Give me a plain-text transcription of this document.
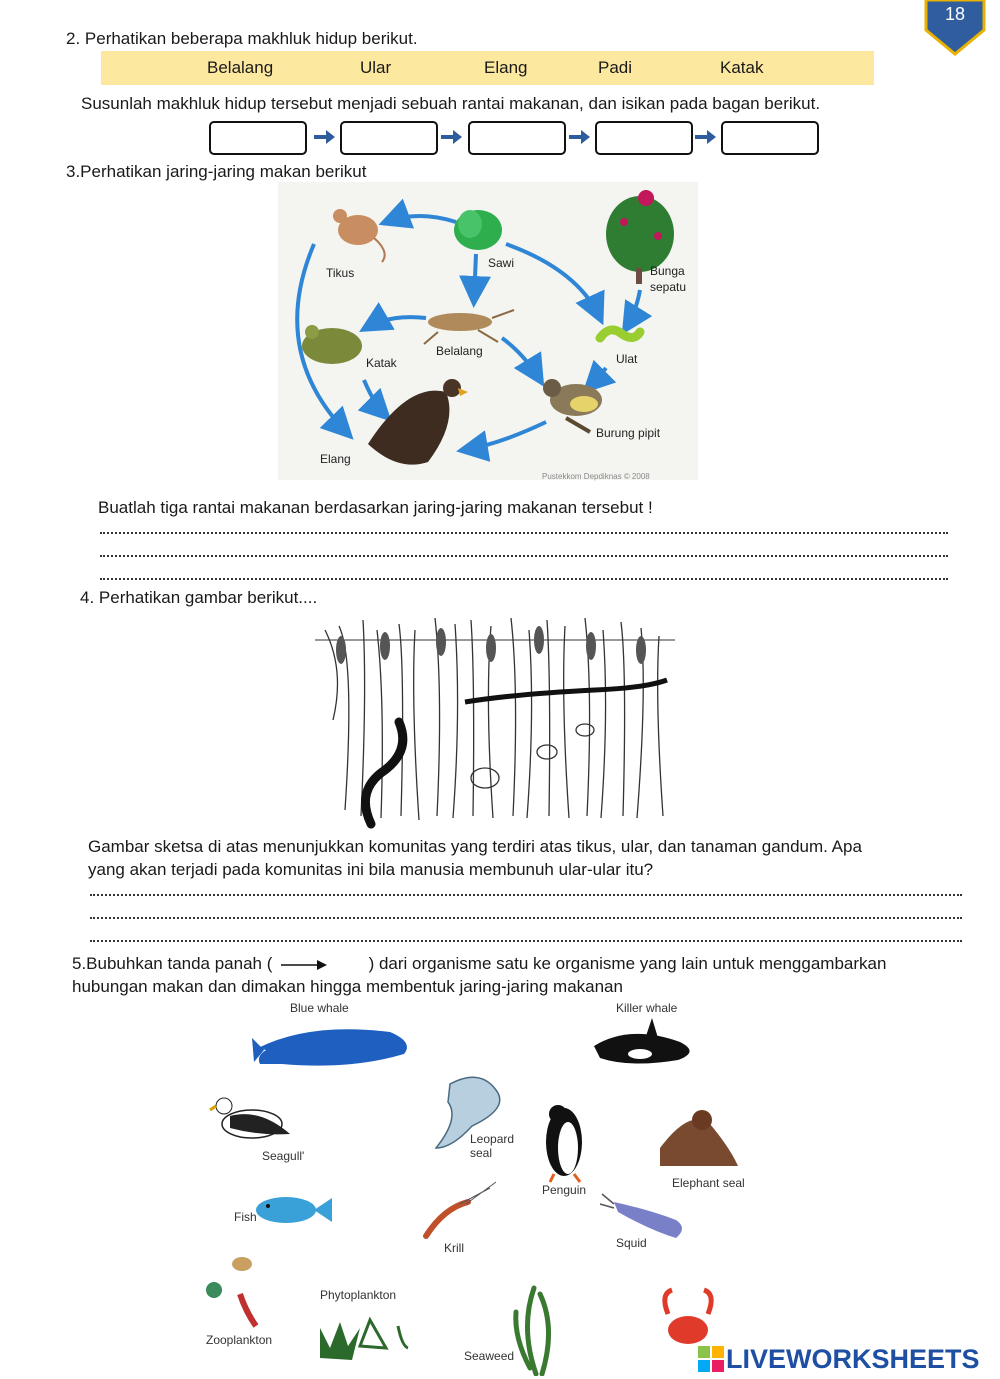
18
2. Perhatikan beberapa makhluk hidup berikut.
Belalang	Ular	Elang	Padi	Katak
Susunlah makhluk hidup tersebut menjadi sebuah rantai makanan, dan isikan pada bagan berikut.
3.Perhatikan jaring-jaring makan berikut
Tikus
Sawi
Bunga
sepatu
Katak
Belalang
Ulat
Burung pipit
Elang
Pustekkom Depdiknas © 2008
Buatlah tiga rantai makanan berdasarkan jaring-jaring makanan tersebut !
4. Perhatikan gambar berikut....
Gambar sketsa di atas menunjukkan komunitas yang terdiri atas tikus, ular, dan tanaman gandum. Apa
yang akan terjadi pada komunitas ini bila manusia membunuh ular-ular itu?
5.Bubuhkan tanda panah (	) dari organisme satu ke organisme yang lain untuk menggambarkan
hubungan makan dan dimakan hingga membentuk jaring-jaring makanan
Blue whale	Killer whale
Seagull'
Leopard
seal
Penguin	Elephant seal
Fish
Krill	Squid
Zooplankton
Phytoplankton
Seaweed	LIVEWORKSHEETS
